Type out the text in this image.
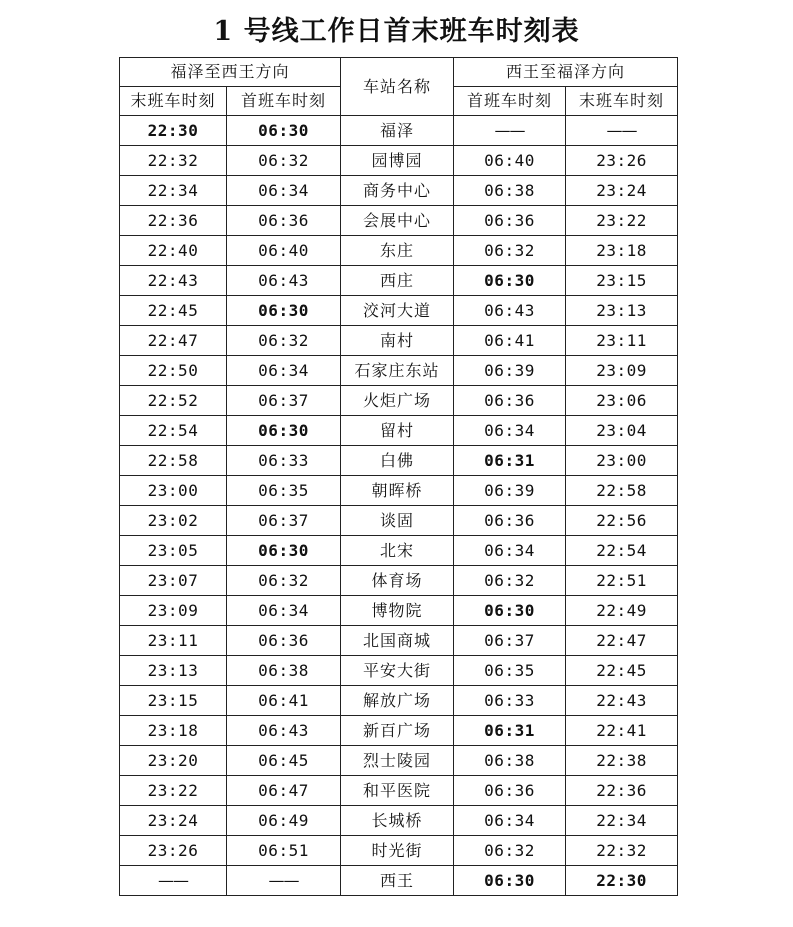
1 号线工作日首末班车时刻表
福泽至西王方向		车站名称	西王至福泽方向	
末班车时刻	首班车时刻		首班车时刻	末班车时刻
22:30	06:30	福泽	——	——
22:32	06:32	园博园	06:40	23:26
22:34	06:34	商务中心	06:38	23:24
22:36	06:36	会展中心	06:36	23:22
22:40	06:40	东庄	06:32	23:18
22:43	06:43	西庄	06:30	23:15
22:45	06:30	洨河大道	06:43	23:13
22:47	06:32	南村	06:41	23:11
22:50	06:34	石家庄东站	06:39	23:09
22:52	06:37	火炬广场	06:36	23:06
22:54	06:30	留村	06:34	23:04
22:58	06:33	白佛	06:31	23:00
23:00	06:35	朝晖桥	06:39	22:58
23:02	06:37	谈固	06:36	22:56
23:05	06:30	北宋	06:34	22:54
23:07	06:32	体育场	06:32	22:51
23:09	06:34	博物院	06:30	22:49
23:11	06:36	北国商城	06:37	22:47
23:13	06:38	平安大街	06:35	22:45
23:15	06:41	解放广场	06:33	22:43
23:18	06:43	新百广场	06:31	22:41
23:20	06:45	烈士陵园	06:38	22:38
23:22	06:47	和平医院	06:36	22:36
23:24	06:49	长城桥	06:34	22:34
23:26	06:51	时光街	06:32	22:32
——	——	西王	06:30	22:30
